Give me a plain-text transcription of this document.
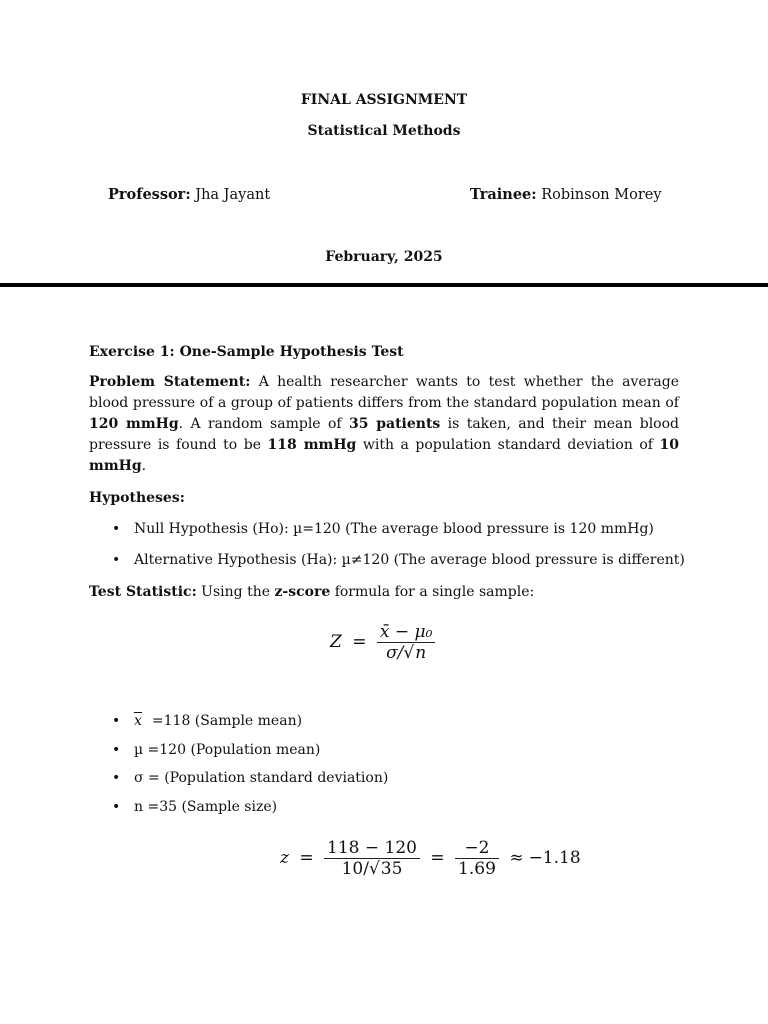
FINAL ASSIGNMENT
Statistical Methods
Professor: Jha Jayant	Trainee: Robinson Morey
February, 2025
Exercise 1: One-Sample Hypothesis Test
Problem Statement: A health researcher wants to test whether the average blood pressure of a group of patients differs from the standard population mean of 120 mmHg. A random sample of 35 patients is taken, and their mean blood pressure is found to be 118 mmHg with a population standard deviation of 10 mmHg.
Hypotheses:
• Null Hypothesis (Ho): µ=120 (The average blood pressure is 120 mmHg)
• Alternative Hypothesis (Ha): µ≠120 (The average blood pressure is different)
Test Statistic: Using the z-score formula for a single sample:
$Z = \frac{\text{x̄ − μ₀}}{\sigma/√n}$
• $\overline{x} =118$ (Sample mean)
• µ =120 (Population mean)
• σ = (Population standard deviation)
• n =35 (Sample size)
$z = \frac{118 - 120}{10/√35} = \frac{-2}{1.69} \approx -1.18$
